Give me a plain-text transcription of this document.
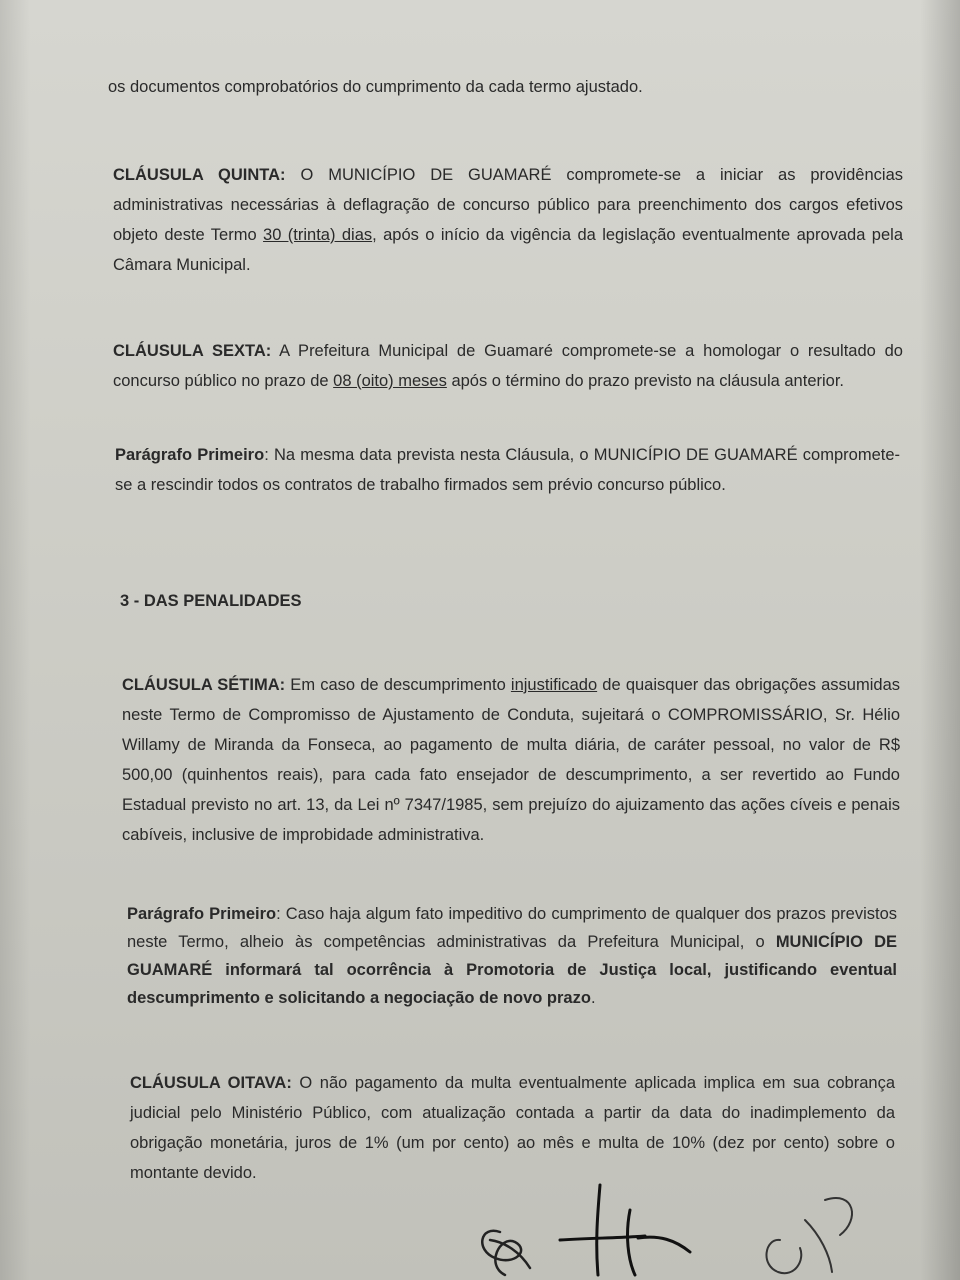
os documentos comprobatórios do cumprimento da cada termo ajustado.
CLÁUSULA QUINTA: O MUNICÍPIO DE GUAMARÉ compromete-se a iniciar as providências administrativas necessárias à deflagração de concurso público para preenchimento dos cargos efetivos objeto deste Termo 30 (trinta) dias, após o início da vigência da legislação eventualmente aprovada pela Câmara Municipal.
CLÁUSULA SEXTA: A Prefeitura Municipal de Guamaré compromete-se a homologar o resultado do concurso público no prazo de 08 (oito) meses após o término do prazo previsto na cláusula anterior.
Parágrafo Primeiro: Na mesma data prevista nesta Cláusula, o MUNICÍPIO DE GUAMARÉ compromete-se a rescindir todos os contratos de trabalho firmados sem prévio concurso público.
3 - DAS PENALIDADES
CLÁUSULA SÉTIMA: Em caso de descumprimento injustificado de quaisquer das obrigações assumidas neste Termo de Compromisso de Ajustamento de Conduta, sujeitará o COMPROMISSÁRIO, Sr. Hélio Willamy de Miranda da Fonseca, ao pagamento de multa diária, de caráter pessoal, no valor de R$ 500,00 (quinhentos reais), para cada fato ensejador de descumprimento, a ser revertido ao Fundo Estadual previsto no art. 13, da Lei nº 7347/1985, sem prejuízo do ajuizamento das ações cíveis e penais cabíveis, inclusive de improbidade administrativa.
Parágrafo Primeiro: Caso haja algum fato impeditivo do cumprimento de qualquer dos prazos previstos neste Termo, alheio às competências administrativas da Prefeitura Municipal, o MUNICÍPIO DE GUAMARÉ informará tal ocorrência à Promotoria de Justiça local, justificando eventual descumprimento e solicitando a negociação de novo prazo.
CLÁUSULA OITAVA: O não pagamento da multa eventualmente aplicada implica em sua cobrança judicial pelo Ministério Público, com atualização contada a partir da data do inadimplemento da obrigação monetária, juros de 1% (um por cento) ao mês e multa de 10% (dez por cento) sobre o montante devido.
